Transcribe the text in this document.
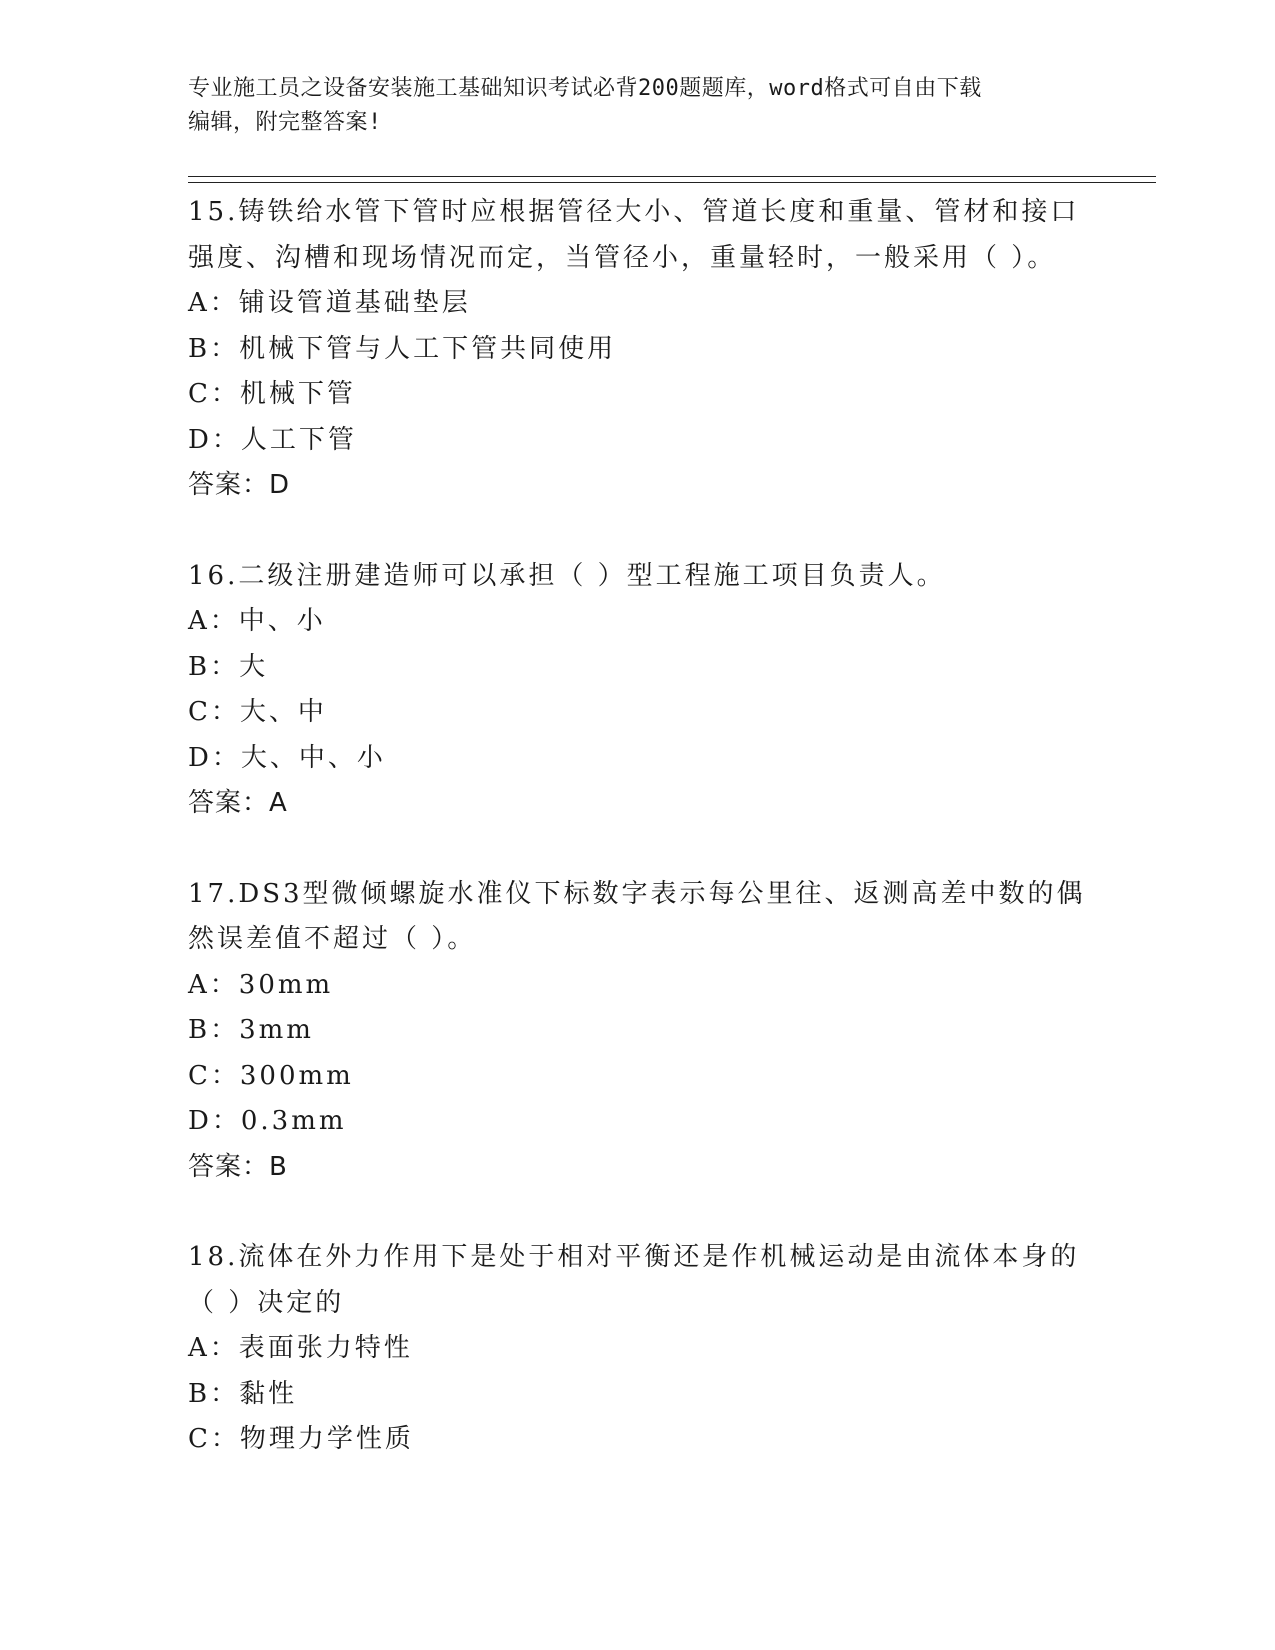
专业施工员之设备安装施工基础知识考试必背200题题库，word格式可自由下载
编辑，附完整答案!
15.铸铁给水管下管时应根据管径大小、管道长度和重量、管材和接口
强度、沟槽和现场情况而定，当管径小，重量轻时，一般采用（ ）。
A：铺设管道基础垫层
B：机械下管与人工下管共同使用
C：机械下管
D：人工下管
答案：D
16.二级注册建造师可以承担（ ）型工程施工项目负责人。
A：中、小
B：大
C：大、中
D：大、中、小
答案：A
17.DS3型微倾螺旋水准仪下标数字表示每公里往、返测高差中数的偶
然误差值不超过（ ）。
A：30mm
B：3mm
C：300mm
D：0.3mm
答案：B
18.流体在外力作用下是处于相对平衡还是作机械运动是由流体本身的
（ ）决定的
A：表面张力特性
B：黏性
C：物理力学性质
